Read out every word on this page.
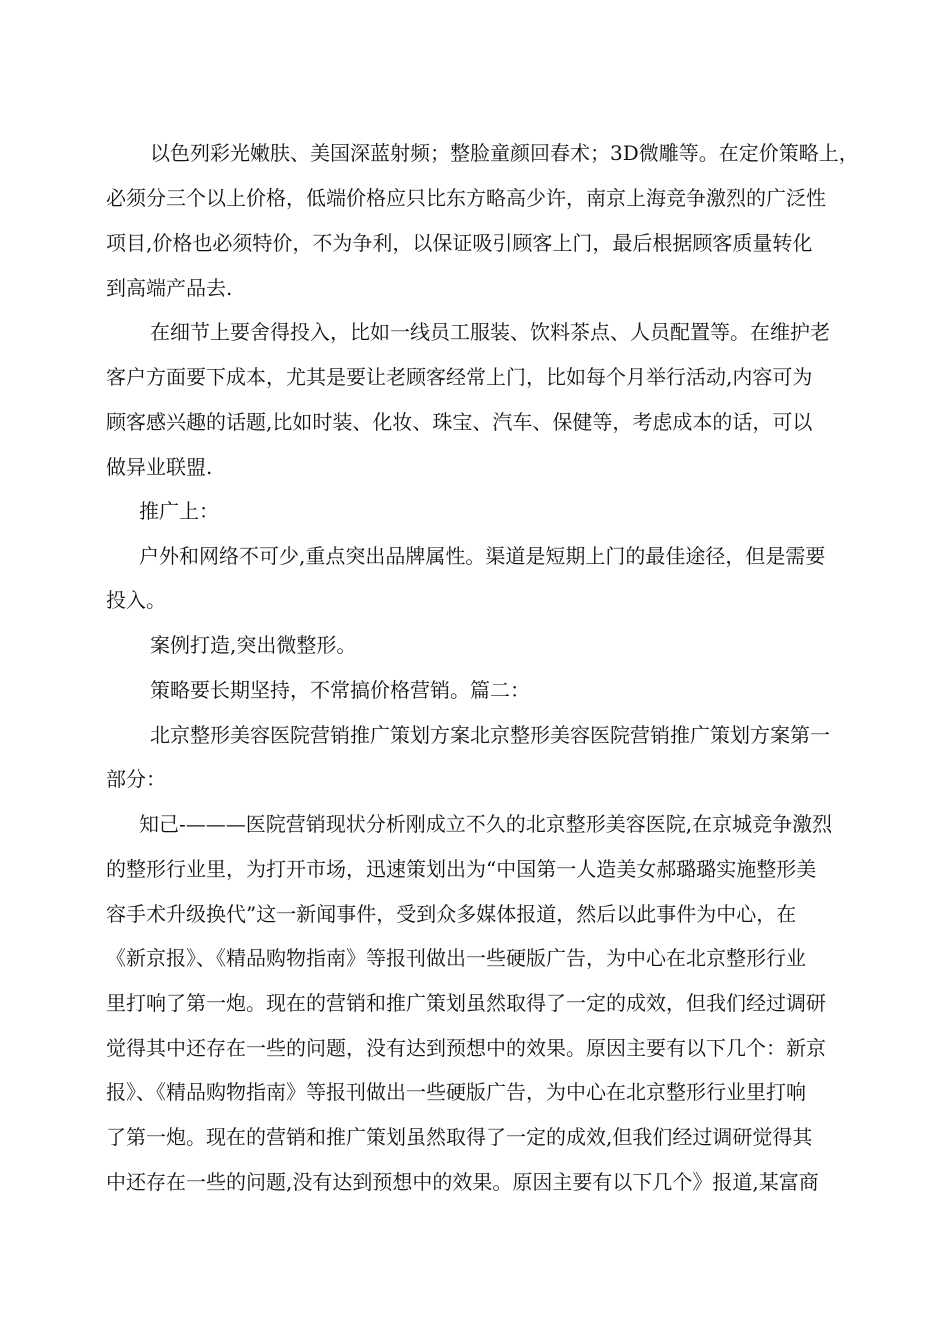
以色列彩光嫩肤、美国深蓝射频；整脸童颜回春术；3D微雕等。在定价策略上，

必须分三个以上价格，低端价格应只比东方略高少许，南京上海竞争激烈的广泛性

项目,价格也必须特价，不为争利，以保证吸引顾客上门，最后根据顾客质量转化

到高端产品去.

在细节上要舍得投入，比如一线员工服装、饮料茶点、人员配置等。在维护老

客户方面要下成本，尤其是要让老顾客经常上门，比如每个月举行活动,内容可为

顾客感兴趣的话题,比如时装、化妆、珠宝、汽车、保健等，考虑成本的话，可以

做异业联盟.

推广上：

户外和网络不可少,重点突出品牌属性。渠道是短期上门的最佳途径，但是需要

投入。

案例打造,突出微整形。

策略要长期坚持，不常搞价格营销。篇二：

北京整形美容医院营销推广策划方案北京整形美容医院营销推广策划方案第一

部分：

知己-———医院营销现状分析刚成立不久的北京整形美容医院,在京城竞争激烈

的整形行业里，为打开市场，迅速策划出为“中国第一人造美女郝璐璐实施整形美

容手术升级换代”这一新闻事件，受到众多媒体报道，然后以此事件为中心，在

《新京报》、《精品购物指南》等报刊做出一些硬版广告，为中心在北京整形行业

里打响了第一炮。现在的营销和推广策划虽然取得了一定的成效，但我们经过调研

觉得其中还存在一些的问题，没有达到预想中的效果。原因主要有以下几个：新京

报》、《精品购物指南》等报刊做出一些硬版广告，为中心在北京整形行业里打响

了第一炮。现在的营销和推广策划虽然取得了一定的成效,但我们经过调研觉得其

中还存在一些的问题,没有达到预想中的效果。原因主要有以下几个》报道,某富商
